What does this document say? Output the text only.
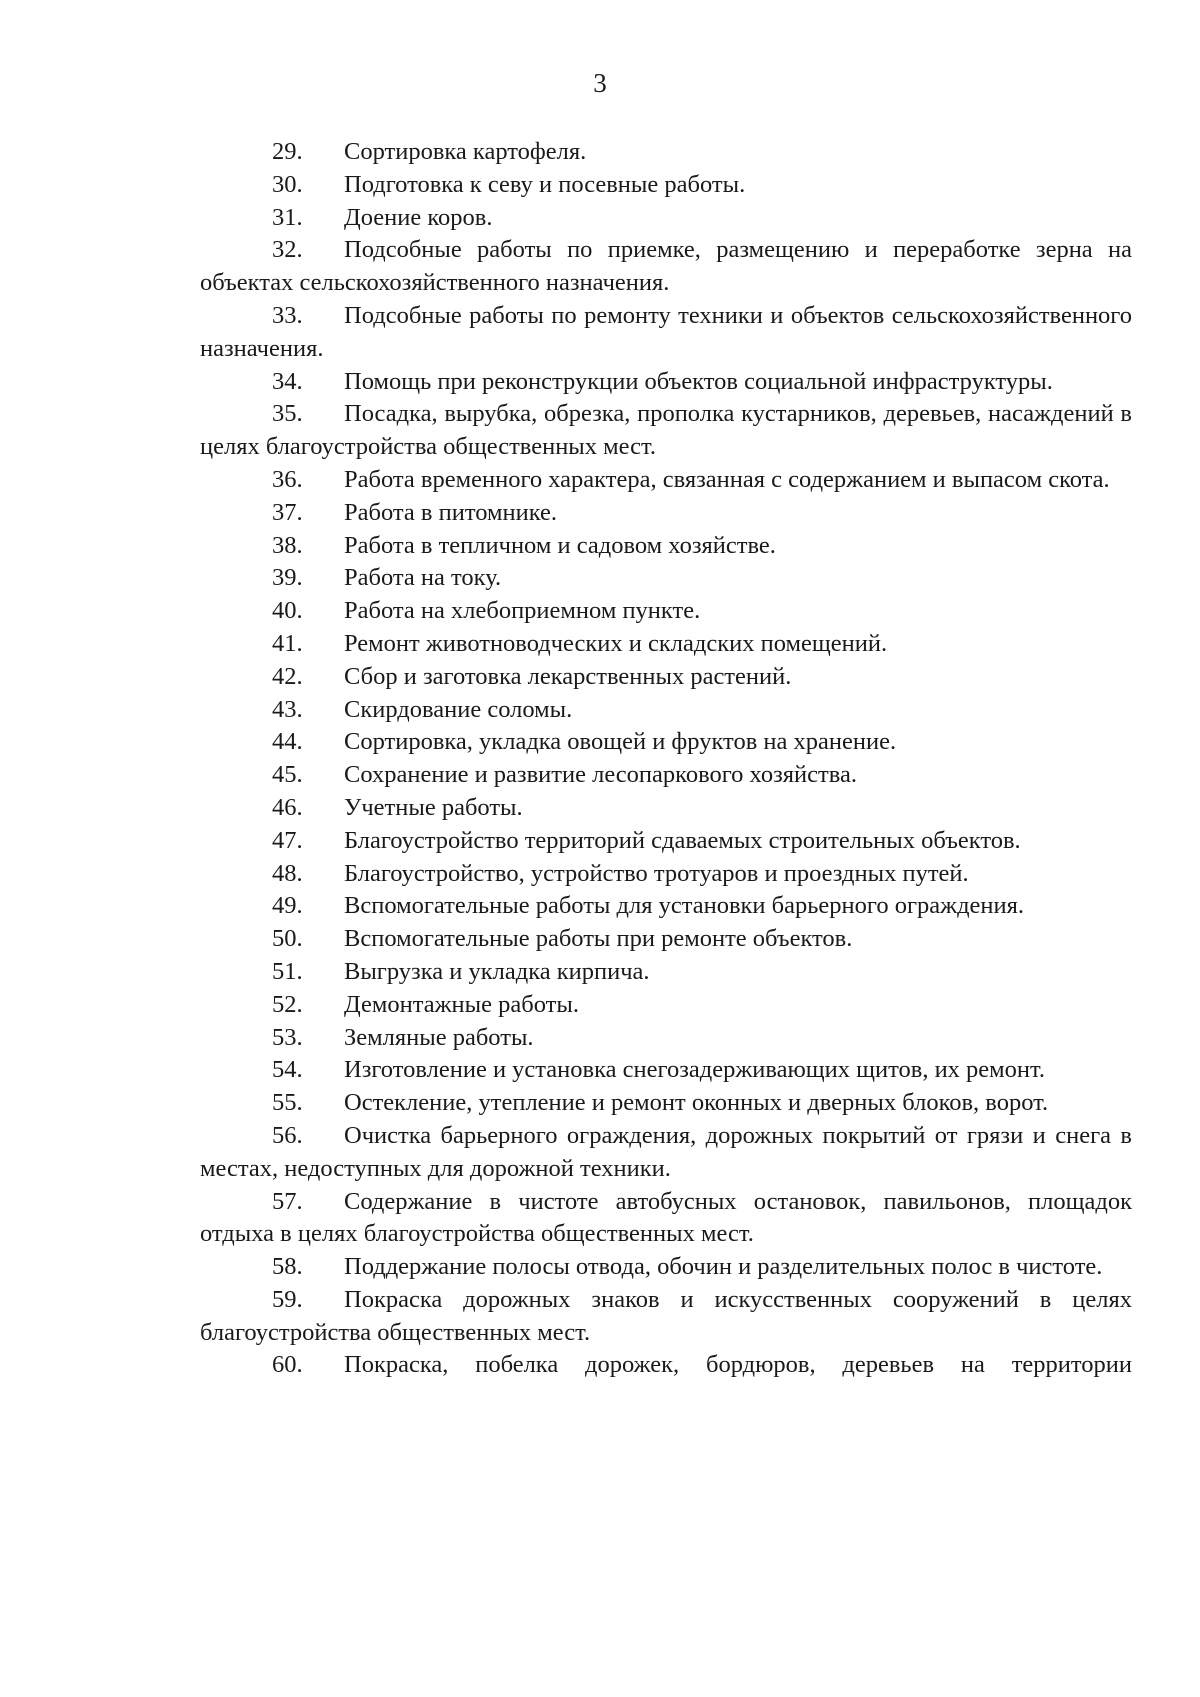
3
29. Сортировка картофеля.
30. Подготовка к севу и посевные работы.
31. Доение коров.
32. Подсобные работы по приемке, размещению и переработке зерна на объектах сельскохозяйственного назначения.
33. Подсобные работы по ремонту техники и объектов сельскохозяйственного назначения.
34. Помощь при реконструкции объектов социальной инфраструктуры.
35. Посадка, вырубка, обрезка, прополка кустарников, деревьев, насаждений в целях благоустройства общественных мест.
36. Работа временного характера, связанная с содержанием и выпасом скота.
37. Работа в питомнике.
38. Работа в тепличном и садовом хозяйстве.
39. Работа на току.
40. Работа на хлебоприемном пункте.
41. Ремонт животноводческих и складских помещений.
42. Сбор и заготовка лекарственных растений.
43. Скирдование соломы.
44. Сортировка, укладка овощей и фруктов на хранение.
45. Сохранение и развитие лесопаркового хозяйства.
46. Учетные работы.
47. Благоустройство территорий сдаваемых строительных объектов.
48. Благоустройство, устройство тротуаров и проездных путей.
49. Вспомогательные работы для установки барьерного ограждения.
50. Вспомогательные работы при ремонте объектов.
51. Выгрузка и укладка кирпича.
52. Демонтажные работы.
53. Земляные работы.
54. Изготовление и установка снегозадерживающих щитов, их ремонт.
55. Остекление, утепление и ремонт оконных и дверных блоков, ворот.
56. Очистка барьерного ограждения, дорожных покрытий от грязи и снега в местах, недоступных для дорожной техники.
57. Содержание в чистоте автобусных остановок, павильонов, площадок отдыха в целях благоустройства общественных мест.
58. Поддержание полосы отвода, обочин и разделительных полос в чистоте.
59. Покраска дорожных знаков и искусственных сооружений в целях благоустройства общественных мест.
60. Покраска, побелка дорожек, бордюров, деревьев на территории
